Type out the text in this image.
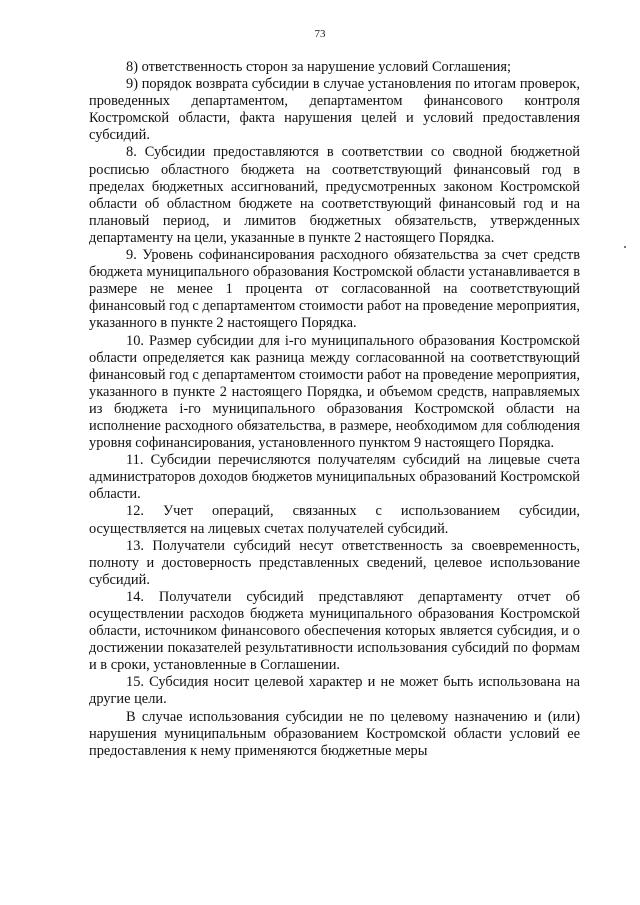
73

8) ответственность сторон за нарушение условий Соглашения;

9) порядок возврата субсидии в случае установления по итогам проверок, проведенных департаментом, департаментом финансового контроля Костромской области, факта нарушения целей и условий предоставления субсидий.

8. Субсидии предоставляются в соответствии со сводной бюджетной росписью областного бюджета на соответствующий финансовый год в пределах бюджетных ассигнований, предусмотренных законом Костромской области об областном бюджете на соответствующий финансовый год и на плановый период, и лимитов бюджетных обязательств, утвержденных департаменту на цели, указанные в пункте 2 настоящего Порядка.

9. Уровень софинансирования расходного обязательства за счет средств бюджета муниципального образования Костромской области устанавливается в размере не менее 1 процента от согласованной на соответствующий финансовый год с департаментом стоимости работ на проведение мероприятия, указанного в пункте 2 настоящего Порядка.

10. Размер субсидии для i-го муниципального образования Костромской области определяется как разница между согласованной на соответствующий финансовый год с департаментом стоимости работ на проведение мероприятия, указанного в пункте 2 настоящего Порядка, и объемом средств, направляемых из бюджета i-го муниципального образования Костромской области на исполнение расходного обязательства, в размере, необходимом для соблюдения уровня софинансирования, установленного пунктом 9 настоящего Порядка.

11. Субсидии перечисляются получателям субсидий на лицевые счета администраторов доходов бюджетов муниципальных образований Костромской области.

12. Учет операций, связанных с использованием субсидии, осуществляется на лицевых счетах получателей субсидий.

13. Получатели субсидий несут ответственность за своевременность, полноту и достоверность представленных сведений, целевое использование субсидий.

14. Получатели субсидий представляют департаменту отчет об осуществлении расходов бюджета муниципального образования Костромской области, источником финансового обеспечения которых является субсидия, и о достижении показателей результативности использования субсидий по формам и в сроки, установленные в Соглашении.

15. Субсидия носит целевой характер и не может быть использована на другие цели.

В случае использования субсидии не по целевому назначению и (или) нарушения муниципальным образованием Костромской области условий ее предоставления к нему применяются бюджетные меры
